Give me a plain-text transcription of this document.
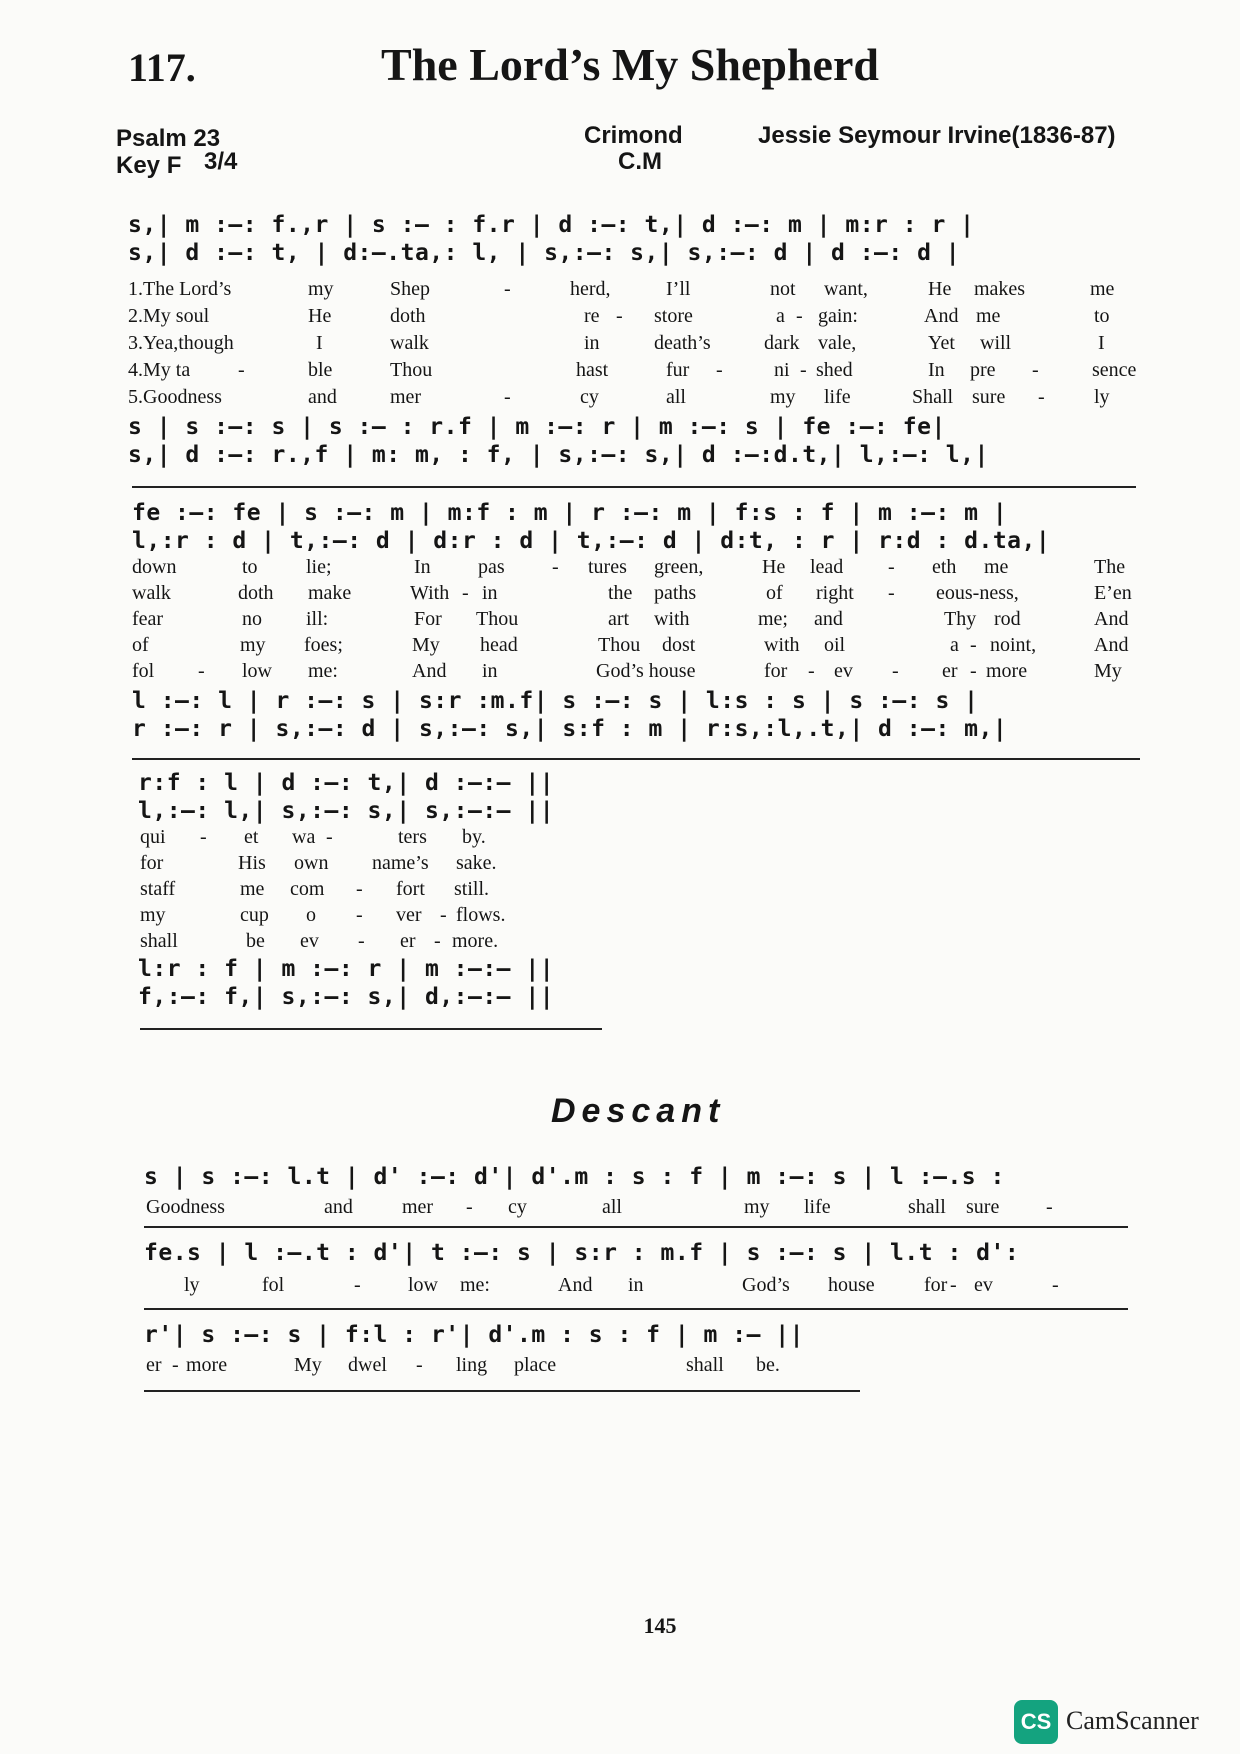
117.	The Lord’s My Shepherd
Psalm 23
Key F 3/4
Crimond
C.M
Jessie Seymour Irvine(1836-87)
s,| m :–: f.,r | s :— : f.r | d :–: t,| d :–: m | m:r : r |
s,| d :–: t, | d:–.ta,: l, | s,:–: s,| s,:–: d | d :–: d |
1.The Lord’s	my	Shep	-	herd,	I’ll	not want,	He makes	me
2.My soul	He	doth	re - store	a - gain:	And me	to
3.Yea,though	I	walk	in	death’s	dark vale,	Yet will	I
4.My ta -	ble	Thou	hast	fur -	ni - shed	In pre -	sence
5.Goodness	and	mer	-	cy	all	my life	Shall sure - ly
s | s :–: s | s :— : r.f | m :–: r | m :–: s | fe :–: fe|
s,| d :–: r.,f | m: m, : f, | s,:–: s,| d :–:d.t,| l,:–: l,|
fe :–: fe | s :–: m | m:f : m | r :–: m | f:s : f | m :–: m |
l,:r : d | t,:–: d | d:r : d | t,:–: d | d:t, : r | r:d : d.ta,|
down	to lie;	In pas - tures green,	He lead - eth me	The
walk	doth make	With - in	the paths	of right - eous-ness,	E’en
fear	no ill:	For Thou	art with	me; and	Thy rod	And
of	my foes;	My head	Thou dost	with oil	a - noint,	And
fol - low me:	And in	God’s house	for - ev - er - more	My
l :–: l | r :–: s | s:r :m.f| s :–: s | l:s : s | s :–: s |
r :–: r | s,:–: d | s,:–: s,| s:f : m | r:s,:l,.t,| d :–: m,|
r:f : l | d :–: t,| d :–:– ||
l,:–: l,| s,:–: s,| s,:–:– ||
qui - et wa -	ters by.
for	His own name’s sake.
staff	me com - fort still.
my	cup o - ver - flows.
shall	be ev - er - more.
l:r : f | m :–: r | m :–:– ||
f,:–: f,| s,:–: s,| d,:–:– ||
Descant
s | s :–: l.t | d' :–: d'| d'.m : s : f | m :–: s | l :–.s :
Goodness	and mer - cy	all	my life	shall sure -
fe.s | l :–.t : d'| t :–: s | s:r : m.f | s :–: s | l.t : d':
ly	fol	- low me:	And in	God’s house for - ev	-
r'| s :–: s | f:l : r'| d'.m : s : f | m :– ||
er - more	My dwel - ling place	shall be.
145
CS CamScanner
